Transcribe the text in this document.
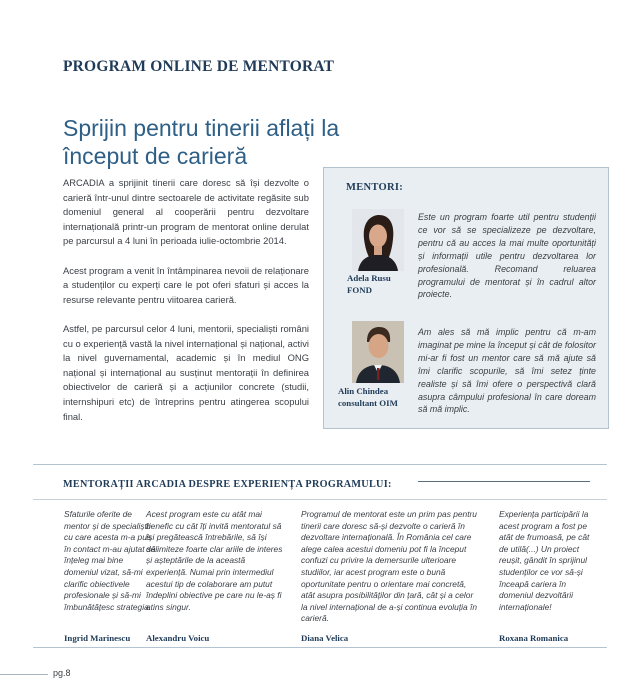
PROGRAM ONLINE DE MENTORAT
Sprijin pentru tinerii aflați la
început de carieră

ARCADIA a sprijinit tinerii care doresc să își dezvolte o carieră într-unul dintre sectoarele de activitate regăsite sub domeniul general al cooperării pentru dezvoltare internațională printr-un program de mentorat online derulat pe parcursul a 4 luni în perioada iulie-octombrie 2014.

Acest program a venit în întâmpinarea nevoii de relaționare a studenților cu experți care le pot oferi sfaturi și acces la resurse relevante pentru viitoarea carieră.

Astfel, pe parcursul celor 4 luni, mentorii, specialiști români cu o experiență vastă la nivel internațional și național, activi la nivel guvernamental, academic și în mediul ONG național și internațional au susținut mentorații în definirea obiectivelor de carieră și a acțiunilor concrete (studii, internshipuri etc) de întreprins pentru atingerea scopului final.

MENTORI:
Adela Rusu
FOND
Este un program foarte util pentru studenții ce vor să se specializeze pe dezvoltare, pentru că au acces la mai multe oportunități și informații utile pentru dezvoltarea lor profesională. Recomand reluarea programului de mentorat și în cadrul altor proiecte.
Alin Chindea
consultant OIM
Am ales să mă implic pentru că m-am imaginat pe mine la început și cât de folositor mi-ar fi fost un mentor care să mă ajute să îmi clarific scopurile, să îmi setez ținte realiste și să îmi ofere o perspectivă clară asupra câmpului profesional în care doream să mă implic.
MENTORAȚII ARCADIA DESPRE EXPERIENȚA PROGRAMULUI:
Sfaturile oferite de mentor și de specialiștii cu care acesta m-a pus în contact m-au ajutat să înțeleg mai bine domeniul vizat, să-mi clarific obiectivele profesionale și să-mi îmbunătățesc strategia.
Ingrid Marinescu
Acest program este cu atât mai benefic cu cât îți invită mentoratul să își pregătească întrebările, să își delimiteze foarte clar ariile de interes și așteptările de la această experiență. Numai prin intermediul acestui tip de colaborare am putut îndeplini obiective pe care nu le-aș fi atins singur.
Alexandru Voicu
Programul de mentorat este un prim pas pentru tinerii care doresc să-și dezvolte o carieră în dezvoltare internațională. În România cel care alege calea acestui domeniu pot fi la început confuzi cu privire la demersurile ulterioare studiilor, iar acest program este o bună oportunitate pentru o orientare mai concretă, atât asupra posibilităților din țară, cât și a celor la nivel internațional de a-și continua evoluția în carieră.
Diana Velica
Experiența participării la acest program a fost pe atât de frumoasă, pe cât de utilă(...) Un proiect reușit, gândit în sprijinul studenților ce vor să-și înceapă cariera în domeniul dezvoltării internaționale!
Roxana Romanica
pg.8
